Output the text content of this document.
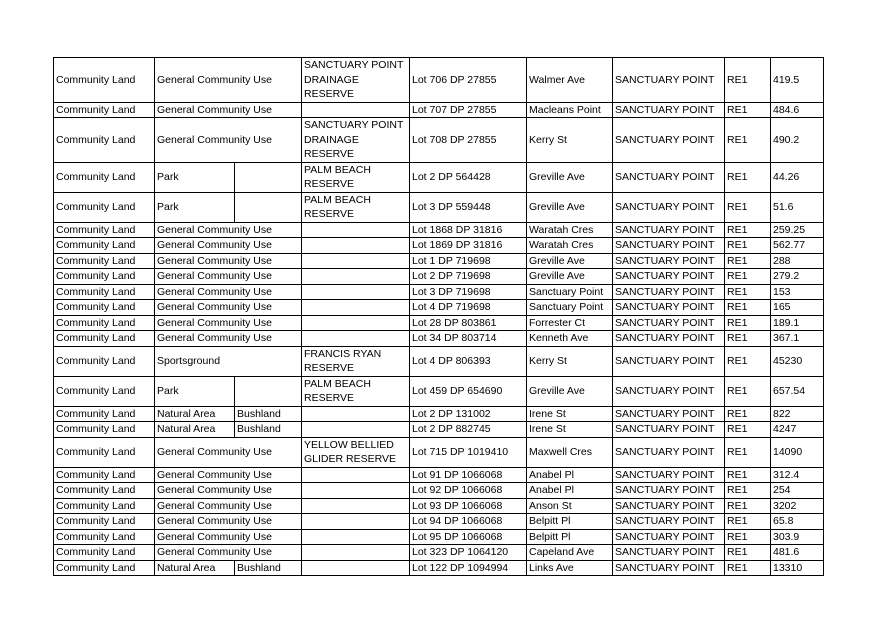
Community Land	General Community Use		SANCTUARY POINT DRAINAGE RESERVE	Lot 706 DP 27855	Walmer Ave	SANCTUARY POINT	RE1	419.5
Community Land	General Community Use			Lot 707 DP 27855	Macleans Point	SANCTUARY POINT	RE1	484.6
Community Land	General Community Use		SANCTUARY POINT DRAINAGE RESERVE	Lot 708 DP 27855	Kerry St	SANCTUARY POINT	RE1	490.2
Community Land	Park		PALM BEACH RESERVE	Lot 2 DP 564428	Greville Ave	SANCTUARY POINT	RE1	44.26
Community Land	Park		PALM BEACH RESERVE	Lot 3 DP 559448	Greville Ave	SANCTUARY POINT	RE1	51.6
Community Land	General Community Use			Lot 1868 DP 31816	Waratah Cres	SANCTUARY POINT	RE1	259.25
Community Land	General Community Use			Lot 1869 DP 31816	Waratah Cres	SANCTUARY POINT	RE1	562.77
Community Land	General Community Use			Lot 1 DP 719698	Greville Ave	SANCTUARY POINT	RE1	288
Community Land	General Community Use			Lot 2 DP 719698	Greville Ave	SANCTUARY POINT	RE1	279.2
Community Land	General Community Use			Lot 3 DP 719698	Sanctuary Point	SANCTUARY POINT	RE1	153
Community Land	General Community Use			Lot 4 DP 719698	Sanctuary Point	SANCTUARY POINT	RE1	165
Community Land	General Community Use			Lot 28 DP 803861	Forrester Ct	SANCTUARY POINT	RE1	189.1
Community Land	General Community Use			Lot 34 DP 803714	Kenneth Ave	SANCTUARY POINT	RE1	367.1
Community Land	Sportsground		FRANCIS RYAN RESERVE	Lot 4 DP 806393	Kerry St	SANCTUARY POINT	RE1	45230
Community Land	Park		PALM BEACH RESERVE	Lot 459 DP 654690	Greville Ave	SANCTUARY POINT	RE1	657.54
Community Land	Natural Area	Bushland		Lot 2 DP 131002	Irene St	SANCTUARY POINT	RE1	822
Community Land	Natural Area	Bushland		Lot 2 DP 882745	Irene St	SANCTUARY POINT	RE1	4247
Community Land	General Community Use		YELLOW BELLIED GLIDER RESERVE	Lot 715 DP 1019410	Maxwell Cres	SANCTUARY POINT	RE1	14090
Community Land	General Community Use			Lot 91 DP 1066068	Anabel Pl	SANCTUARY POINT	RE1	312.4
Community Land	General Community Use			Lot 92 DP 1066068	Anabel Pl	SANCTUARY POINT	RE1	254
Community Land	General Community Use			Lot 93 DP 1066068	Anson St	SANCTUARY POINT	RE1	3202
Community Land	General Community Use			Lot 94 DP 1066068	Belpitt Pl	SANCTUARY POINT	RE1	65.8
Community Land	General Community Use			Lot 95 DP 1066068	Belpitt Pl	SANCTUARY POINT	RE1	303.9
Community Land	General Community Use			Lot 323 DP 1064120	Capeland Ave	SANCTUARY POINT	RE1	481.6
Community Land	Natural Area	Bushland		Lot 122 DP 1094994	Links Ave	SANCTUARY POINT	RE1	13310
